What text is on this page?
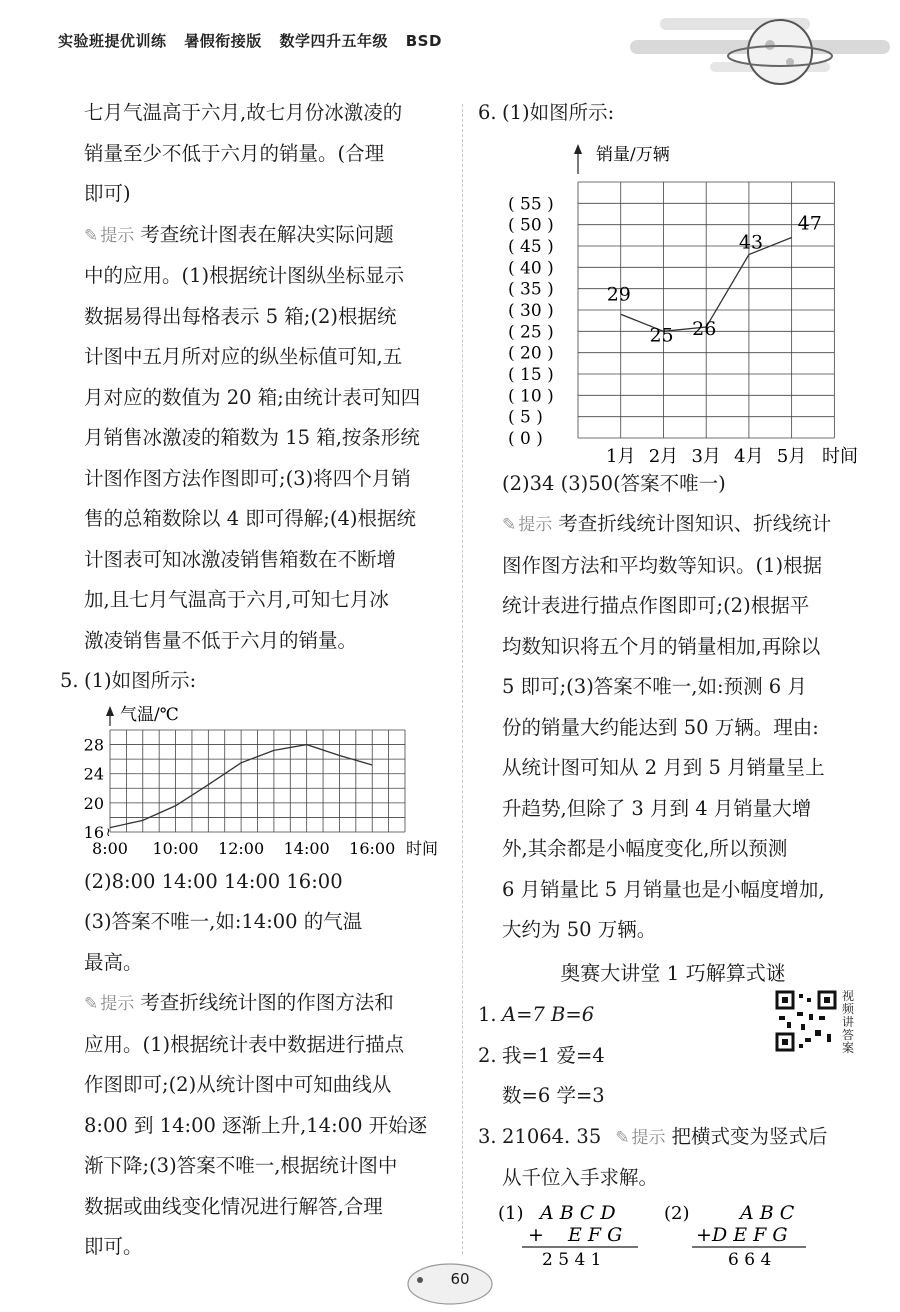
实验班提优训练 暑假衔接版 数学四升五年级 BSD

七月气温高于六月,故七月份冰激凌的

销量至少不低于六月的销量。(合理

即可)

✎ 提示 考查统计图表在解决实际问题

中的应用。(1)根据统计图纵坐标显示

数据易得出每格表示 5 箱;(2)根据统

计图中五月所对应的纵坐标值可知,五

月对应的数值为 20 箱;由统计表可知四

月销售冰激凌的箱数为 15 箱,按条形统

计图作图方法作图即可;(3)将四个月销

售的总箱数除以 4 即可得解;(4)根据统

计图表可知冰激凌销售箱数在不断增

加,且七月气温高于六月,可知七月冰

激凌销售量不低于六月的销量。

5. (1)如图所示:

气温/℃
16
20
24
28
8:00 10:00 12:00 14:00 16:00 时间
≀

(2)8:00 14:00 14:00 16:00

(3)答案不唯一,如:14:00 的气温

最高。

✎ 提示 考查折线统计图的作图方法和

应用。(1)根据统计表中数据进行描点

作图即可;(2)从统计图中可知曲线从

8:00 到 14:00 逐渐上升,14:00 开始逐

渐下降;(3)答案不唯一,根据统计图中

数据或曲线变化情况进行解答,合理

即可。

6. (1)如图所示:

销量/万辆
( 55 )
( 50 )
( 45 )
( 40 )
( 35 )
( 30 )
( 25 )
( 20 )
( 15 )
( 10 )
( 5 )
( 0 )
1月 2月 3月 4月 5月 时间
29
25 26
43
47

(2)34 (3)50(答案不唯一)

✎ 提示 考查折线统计图知识、折线统计

图作图方法和平均数等知识。(1)根据

统计表进行描点作图即可;(2)根据平

均数知识将五个月的销量相加,再除以

5 即可;(3)答案不唯一,如:预测 6 月

份的销量大约能达到 50 万辆。理由:

从统计图可知从 2 月到 5 月销量呈上

升趋势,但除了 3 月到 4 月销量大增

外,其余都是小幅度变化,所以预测

6 月销量比 5 月销量也是小幅度增加,

大约为 50 万辆。

奥赛大讲堂 1 巧解算式谜

1. A=7 B=6

2. 我=1 爱=4

数=6 学=3

3. 21064. 35 ✎ 提示 把横式变为竖式后

从千位入手求解。

(1) A B C D
+ E F G
2 5 4 1
(2)	A B C
+ D E F G
6 6 4
视频讲答案
60
